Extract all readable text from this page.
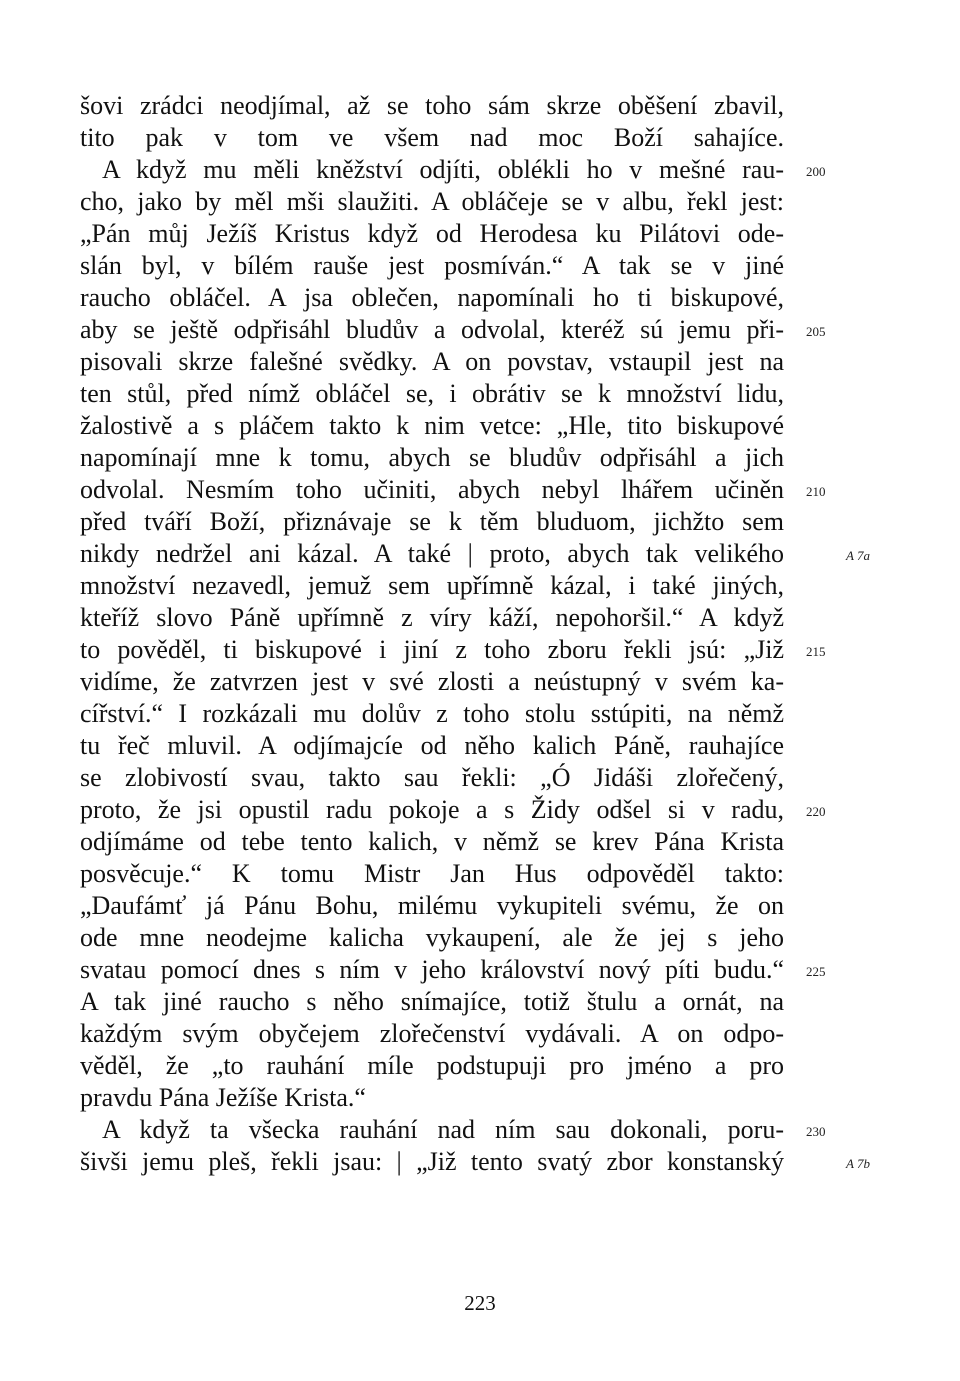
šovi zrádci neodjímal, až se toho sám skrze oběšení zbavil,
tito pak v tom ve všem nad moc Boží sahajíce.
A když mu měli kněžství odjíti, oblékli ho v mešné rau-
cho, jako by měl mši slaužiti. A obláčeje se v albu, řekl jest:
„Pán můj Ježíš Kristus když od Herodesa ku Pilátovi ode-
slán byl, v bílém rauše jest posmíván.“ A tak se v jiné
raucho obláčel. A jsa oblečen, napomínali ho ti biskupové,
aby se ještě odpřisáhl bludův a odvolal, kteréž sú jemu při-
pisovali skrze falešné svědky. A on povstav, vstaupil jest na
ten stůl, před nímž obláčel se, i obrátiv se k množství lidu,
žalostivě a s pláčem takto k nim vetce: „Hle, tito biskupové
napomínají mne k tomu, abych se bludův odpřisáhl a jich
odvolal. Nesmím toho učiniti, abych nebyl lhářem učiněn
před tváří Boží, přiznávaje se k těm bluduom, jichžto sem
nikdy nedržel ani kázal. A také | proto, abych tak velikého
množství nezavedl, jemuž sem upřímně kázal, i také jiných,
kteříž slovo Páně upřímně z víry káží, nepohoršil.“ A když
to pověděl, ti biskupové i jiní z toho zboru řekli jsú: „Již
vidíme, že zatvrzen jest v své zlosti a neústupný v svém ka-
cířství.“ I rozkázali mu dolův z toho stolu sstúpiti, na němž
tu řeč mluvil. A odjímajcíe od něho kalich Páně, rauhajíce
se zlobivostí svau, takto sau řekli: „Ó Jidáši zlořečený,
proto, že jsi opustil radu pokoje a s Židy odšel si v radu,
odjímáme od tebe tento kalich, v němž se krev Pána Krista
posvěcuje.“ K tomu Mistr Jan Hus odpověděl takto:
„Daufámť já Pánu Bohu, milému vykupiteli svému, že on
ode mne neodejme kalicha vykaupení, ale že jej s jeho
svatau pomocí dnes s ním v jeho království nový píti budu.“
A tak jiné raucho s něho snímajíce, totiž štulu a ornát, na
každým svým obyčejem zlořečenství vydávali. A on odpo-
věděl, že „to rauhání míle podstupuji pro jméno a pro
pravdu Pána Ježíše Krista.“
A když ta všecka rauhání nad ním sau dokonali, poru-
šivši jemu pleš, řekli jsau: | „Již tento svatý zbor konstanský
200
205
210
215
220
225
230
A 7a
A 7b
223
